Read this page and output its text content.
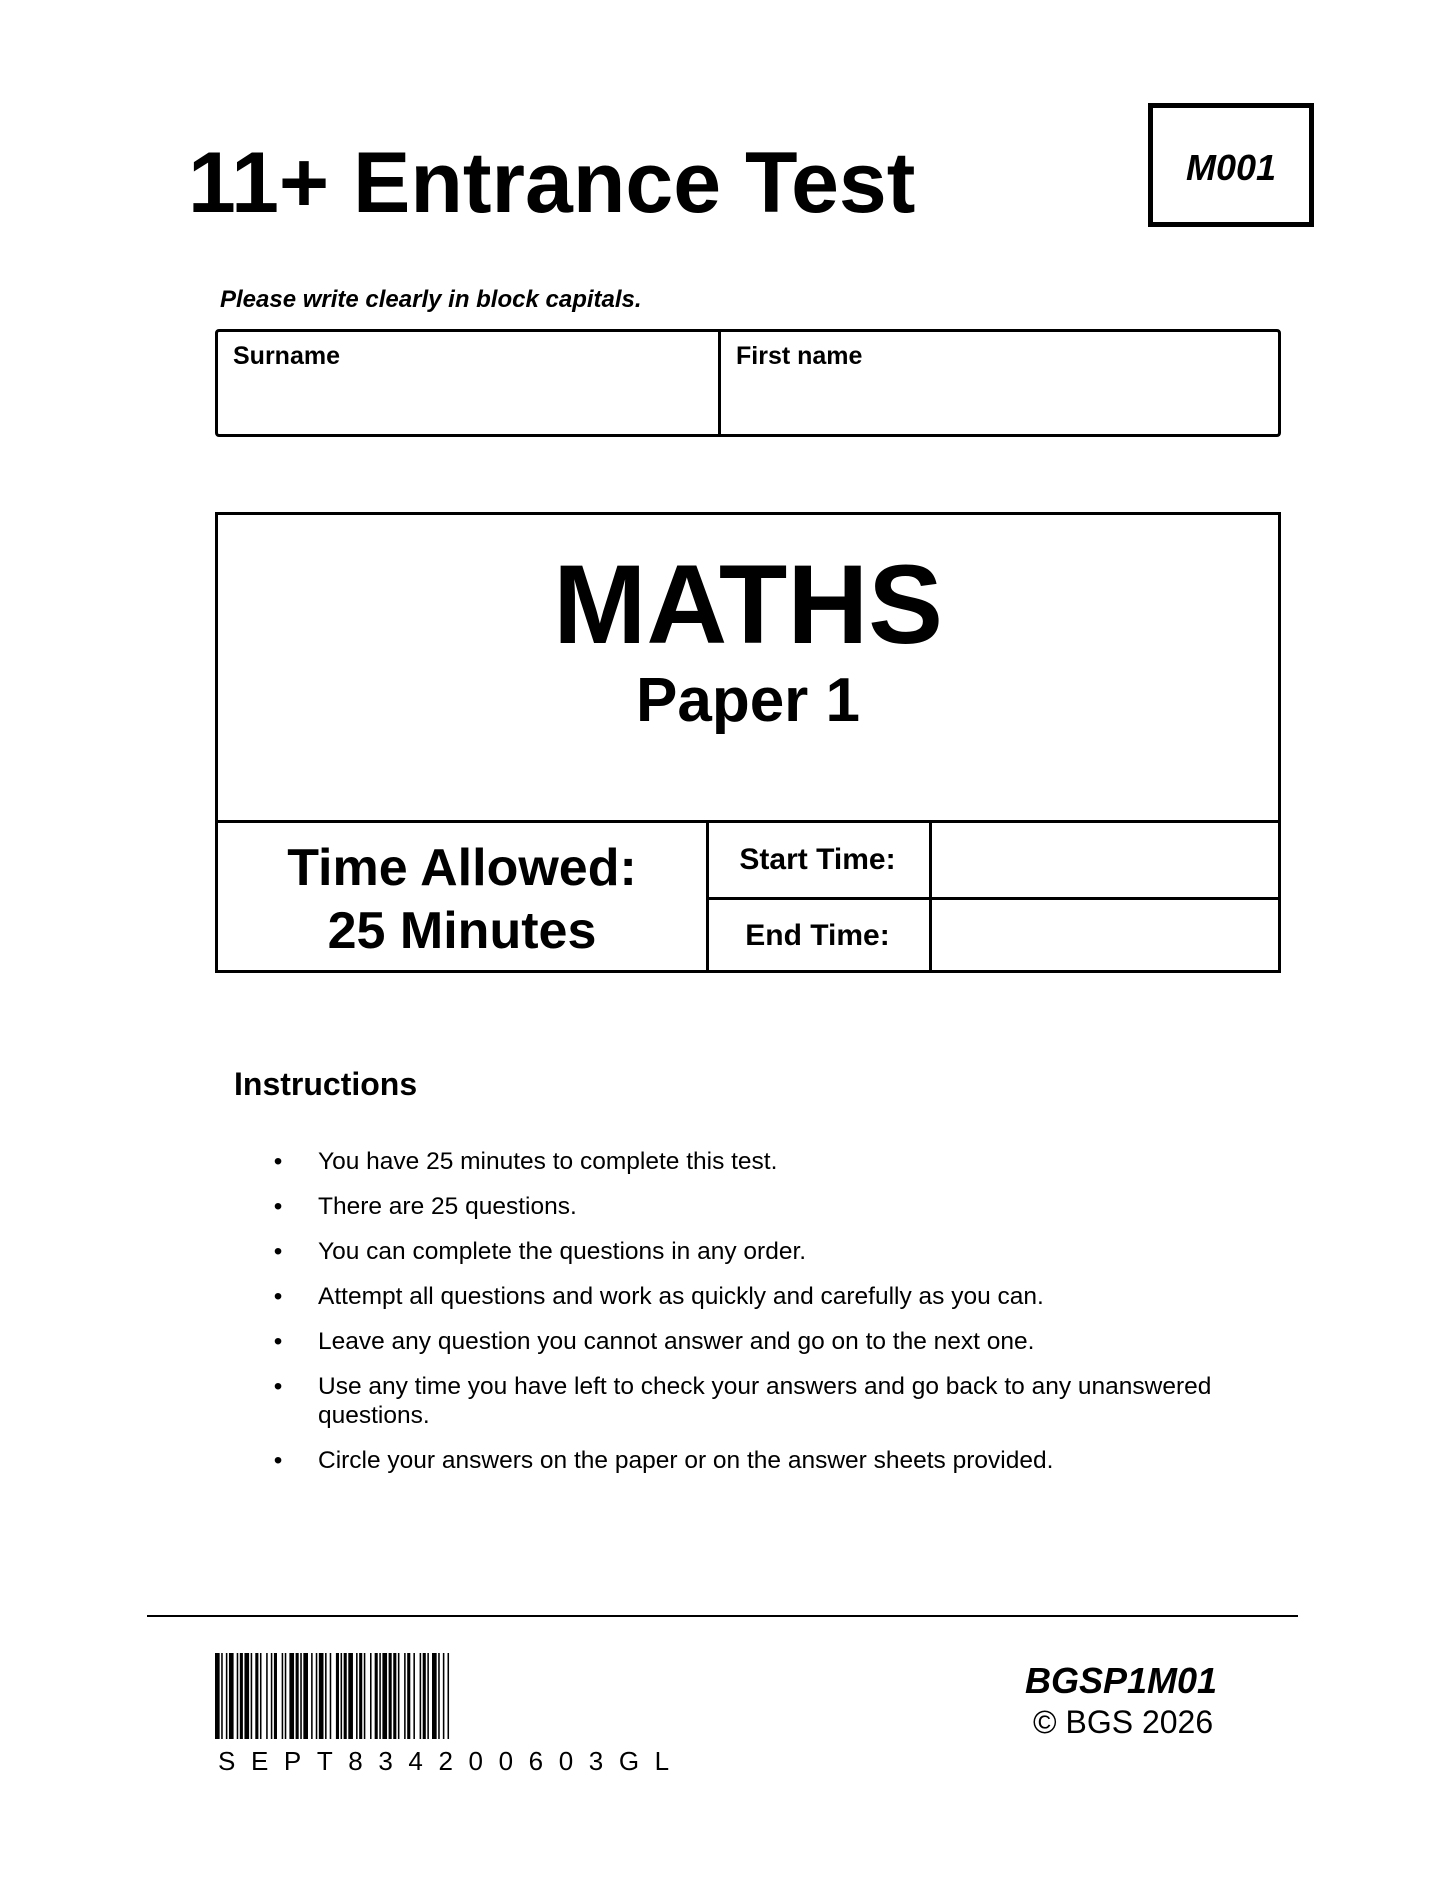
11+ Entrance Test	M001
Please write clearly in block capitals.
Surname	First name
MATHS
Paper 1
Time Allowed:
25 Minutes
Start Time:
End Time:
Instructions
• You have 25 minutes to complete this test.
• There are 25 questions.
• You can complete the questions in any order.
• Attempt all questions and work as quickly and carefully as you can.
• Leave any question you cannot answer and go on to the next one.
• Use any time you have left to check your answers and go back to any unanswered questions.
• Circle your answers on the paper or on the answer sheets provided.
SEPT834200603GL
BGSP1M01
© BGS 2026
